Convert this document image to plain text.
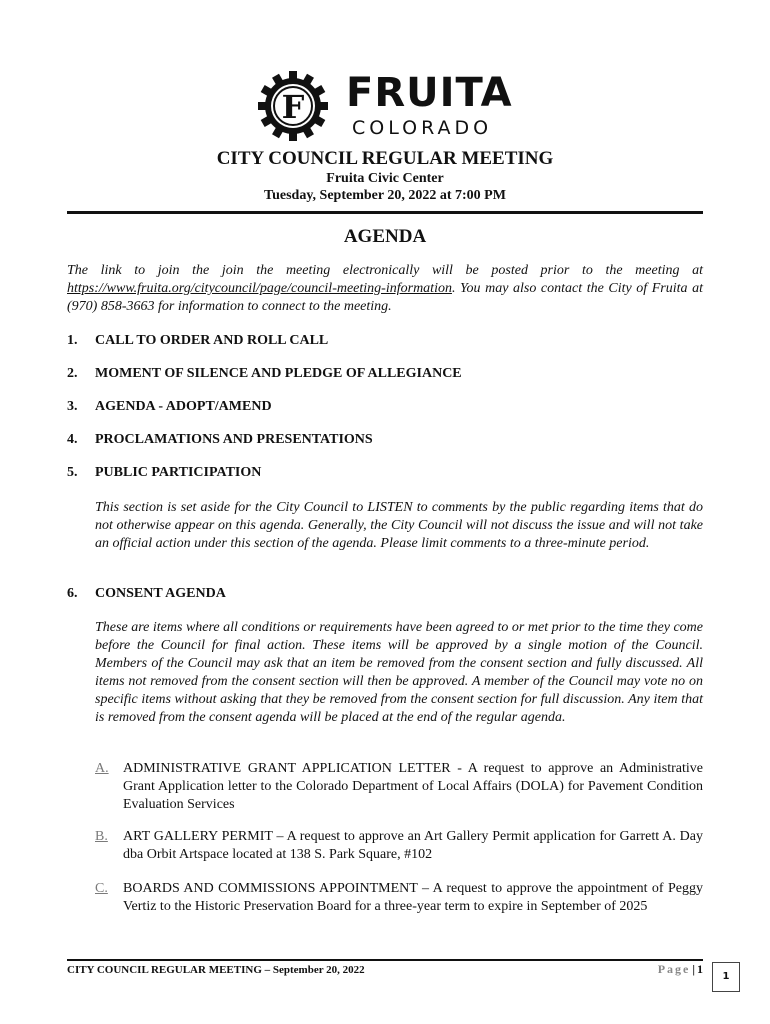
F FRUITA
COLORADO
CITY COUNCIL REGULAR MEETING
Fruita Civic Center
Tuesday, September 20, 2022 at 7:00 PM
AGENDA
The link to join the join the meeting electronically will be posted prior to the meeting at https://www.fruita.org/citycouncil/page/council-meeting-information. You may also contact the City of Fruita at (970) 858-3663 for information to connect to the meeting.
1. CALL TO ORDER AND ROLL CALL
2. MOMENT OF SILENCE AND PLEDGE OF ALLEGIANCE
3. AGENDA - ADOPT/AMEND
4. PROCLAMATIONS AND PRESENTATIONS
5. PUBLIC PARTICIPATION
This section is set aside for the City Council to LISTEN to comments by the public regarding items that do not otherwise appear on this agenda. Generally, the City Council will not discuss the issue and will not take an official action under this section of the agenda. Please limit comments to a three-minute period.
6. CONSENT AGENDA
These are items where all conditions or requirements have been agreed to or met prior to the time they come before the Council for final action. These items will be approved by a single motion of the Council. Members of the Council may ask that an item be removed from the consent section and fully discussed. All items not removed from the consent section will then be approved. A member of the Council may vote no on specific items without asking that they be removed from the consent section for full discussion. Any item that is removed from the consent agenda will be placed at the end of the regular agenda.
A. ADMINISTRATIVE GRANT APPLICATION LETTER - A request to approve an Administrative Grant Application letter to the Colorado Department of Local Affairs (DOLA) for Pavement Condition Evaluation Services
B. ART GALLERY PERMIT – A request to approve an Art Gallery Permit application for Garrett A. Day dba Orbit Artspace located at 138 S. Park Square, #102
C. BOARDS AND COMMISSIONS APPOINTMENT – A request to approve the appointment of Peggy Vertiz to the Historic Preservation Board for a three-year term to expire in September of 2025
CITY COUNCIL REGULAR MEETING – September 20, 2022	Page | 1
1
